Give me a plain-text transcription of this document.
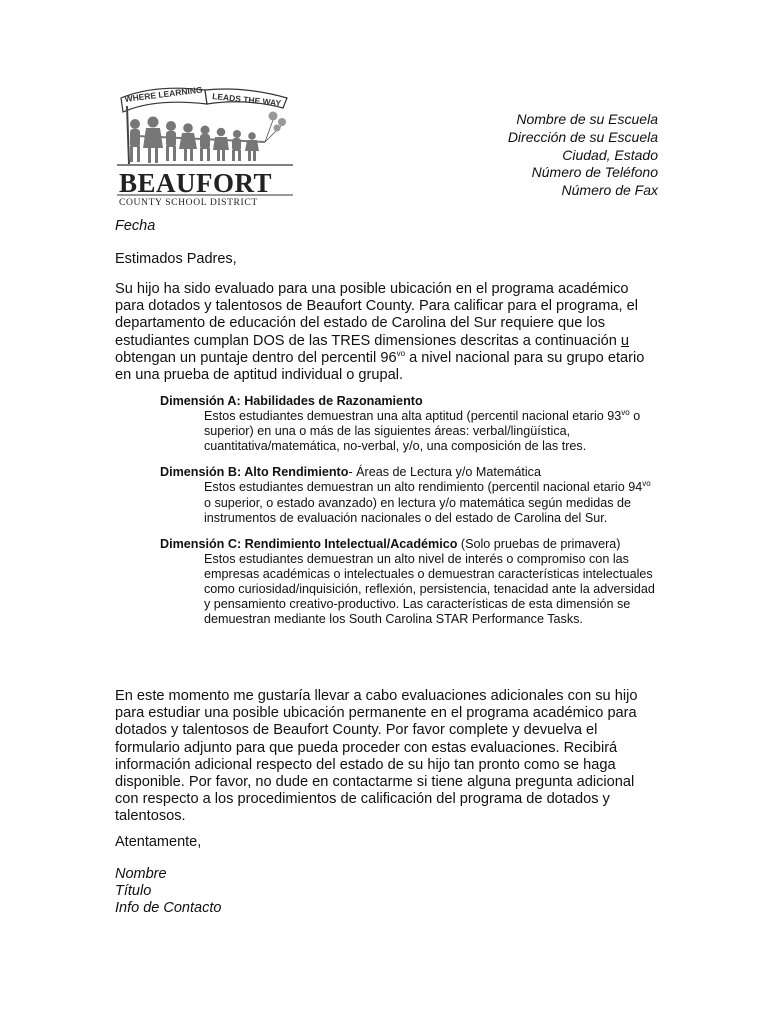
WHERE LEARNING LEADS THE WAY
BEAUFORT
COUNTY SCHOOL DISTRICT
Nombre de su Escuela
Dirección de su Escuela
Ciudad, Estado
Número de Teléfono
Número de Fax
Fecha
Estimados Padres,
Su hijo ha sido evaluado para una posible ubicación en el programa académico para dotados y talentosos de Beaufort County. Para calificar para el programa, el departamento de educación del estado de Carolina del Sur requiere que los estudiantes cumplan DOS de las TRES dimensiones descritas a continuación u obtengan un puntaje dentro del percentil $96^{vo}$ a nivel nacional para su grupo etario en una prueba de aptitud individual o grupal.
Dimensión A: Habilidades de Razonamiento
Estos estudiantes demuestran una alta aptitud (percentil nacional etario $93^{vo}$ o superior) en una o más de las siguientes áreas: verbal/lingüística, cuantitativa/matemática, no-verbal, y/o, una composición de las tres.
Dimensión B: Alto Rendimiento- Áreas de Lectura y/o Matemática
Estos estudiantes demuestran un alto rendimiento (percentil nacional etario $94^{vo}$ o superior, o estado avanzado) en lectura y/o matemática según medidas de instrumentos de evaluación nacionales o del estado de Carolina del Sur.
Dimensión C: Rendimiento Intelectual/Académico (Solo pruebas de primavera)
Estos estudiantes demuestran un alto nivel de interés o compromiso con las empresas académicas o intelectuales o demuestran características intelectuales como curiosidad/inquisición, reflexión, persistencia, tenacidad ante la adversidad y pensamiento creativo-productivo. Las características de esta dimensión se demuestran mediante los South Carolina STAR Performance Tasks.
En este momento me gustaría llevar a cabo evaluaciones adicionales con su hijo para estudiar una posible ubicación permanente en el programa académico para dotados y talentosos de Beaufort County. Por favor complete y devuelva el formulario adjunto para que pueda proceder con estas evaluaciones. Recibirá información adicional respecto del estado de su hijo tan pronto como se haga disponible. Por favor, no dude en contactarme si tiene alguna pregunta adicional con respecto a los procedimientos de calificación del programa de dotados y talentosos.
Atentamente,
Nombre
Título
Info de Contacto
